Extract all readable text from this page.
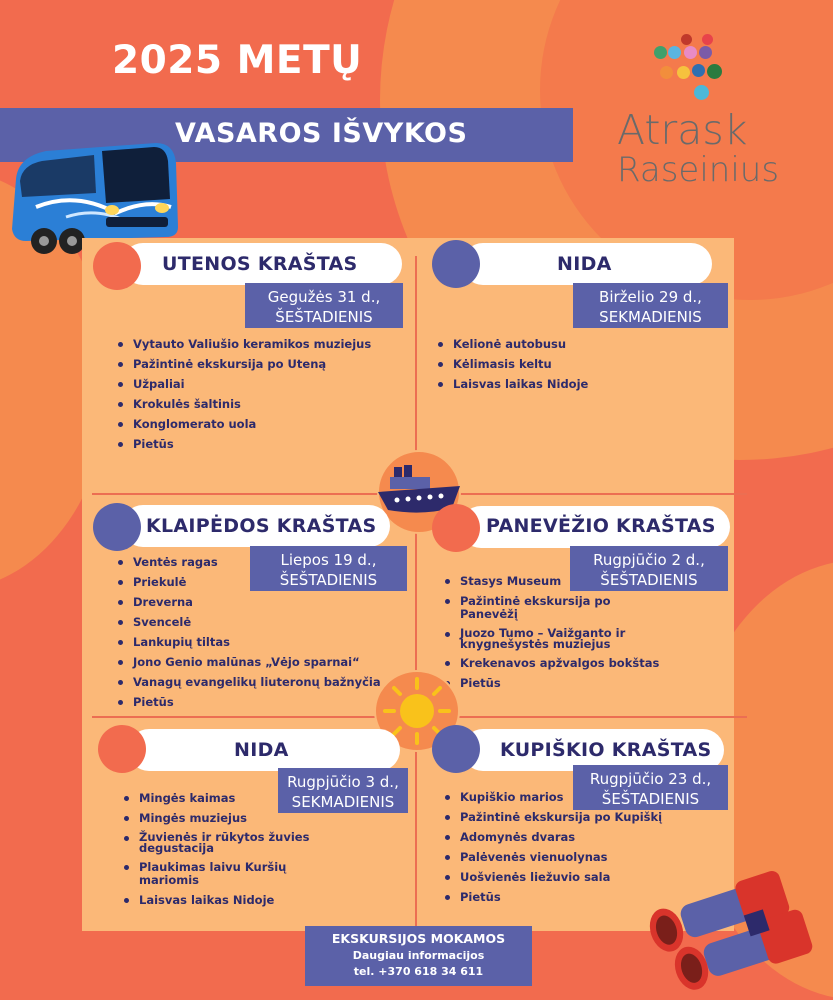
2025 METŲ
VASAROS IŠVYKOS	Atrask
Raseinius
UTENOS KRAŠTAS
Gegužės 31 d.,
ŠEŠTADIENIS
Vytauto Valiušio keramikos muziejus
Pažintinė ekskursija po Uteną
Užpaliai
Krokulės šaltinis
Konglomerato uola
Pietūs
NIDA
Birželio 29 d.,
SEKMADIENIS
Kelionė autobusu
Kėlimasis keltu
Laisvas laikas Nidoje
KLAIPĖDOS KRAŠTAS
Liepos 19 d.,
ŠEŠTADIENIS
Ventės ragas
Priekulė
Dreverna
Svencelė
Lankupių tiltas
Jono Genio malūnas „Vėjo sparnai“
Vanagų evangelikų liuteronų bažnyčia
Pietūs
PANEVĖŽIO KRAŠTAS
Rugpjūčio 2 d.,
ŠEŠTADIENIS
Stasys Museum
Pažintinė ekskursija po Panevėžį
Juozo Tumo – Vaižganto ir knygnešystės muziejus
Krekenavos apžvalgos bokštas
Pietūs
NIDA
Rugpjūčio 3 d.,
SEKMADIENIS
Mingės kaimas
Mingės muziejus
Žuvienės ir rūkytos žuvies degustacija
Plaukimas laivu Kuršių mariomis
Laisvas laikas Nidoje
KUPIŠKIO KRAŠTAS
Rugpjūčio 23 d.,
ŠEŠTADIENIS
Kupiškio marios
Pažintinė ekskursija po Kupiškį
Adomynės dvaras
Palėvenės vienuolynas
Uošvienės liežuvio sala
Pietūs
EKSKURSIJOS MOKAMOS
Daugiau informacijos
tel. +370 618 34 611
